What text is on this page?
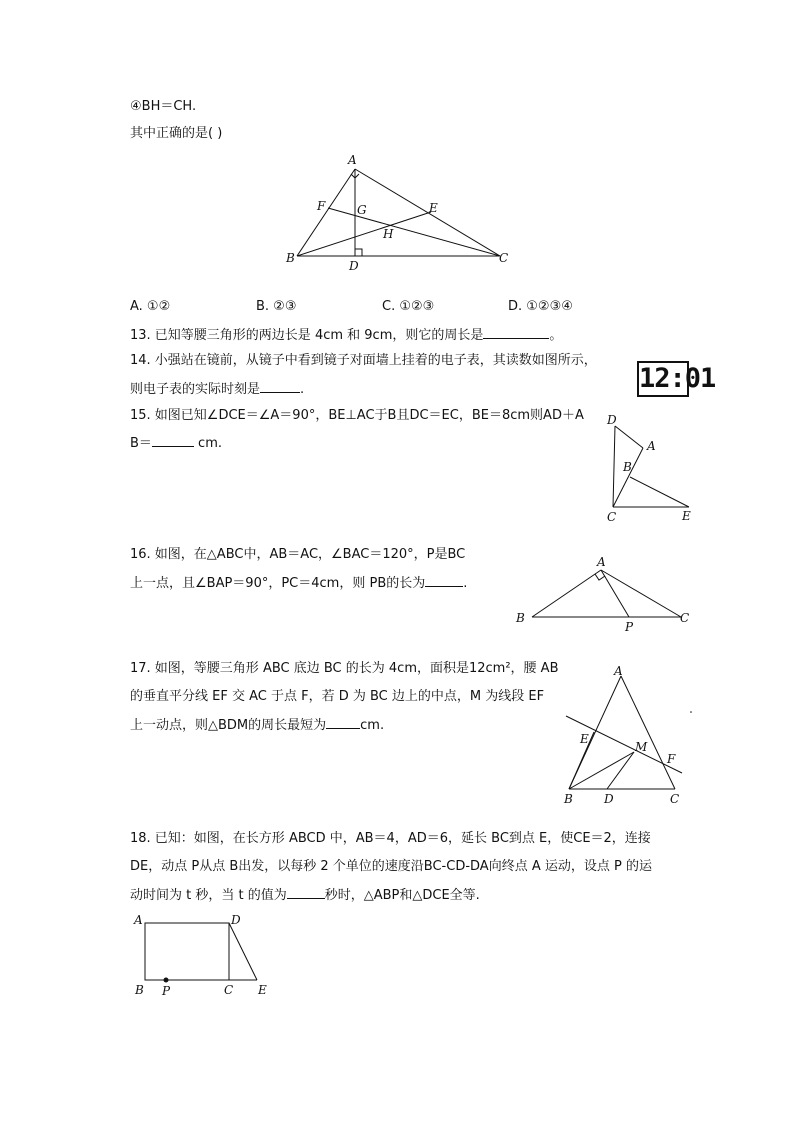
④BH＝CH.
其中正确的是( )
A
F	G	E
H
B
D
C
A. ①②	B. ②③	C. ①②③	D. ①②③④
13. 已知等腰三角形的两边长是 4cm 和 9cm，则它的周长是	。
14. 小强站在镜前，从镜子中看到镜子对面墙上挂着的电子表，其读数如图所示，
则电子表的实际时刻是	.	12:01
15. 如图已知∠DCE＝∠A＝90°，BE⊥AC于B且DC＝EC，BE＝8cm则AD＋A
B＝	cm.
D
A
B
C	E
16. 如图，在△ABC中，AB＝AC，∠BAC＝120°，P是BC
上一点，且∠BAP＝90°，PC＝4cm，则 PB的长为	.
A
B
P
C
17. 如图，等腰三角形 ABC 底边 BC 的长为 4cm，面积是12cm²，腰 AB
的垂直平分线 EF 交 AC 于点 F，若 D 为 BC 边上的中点，M 为线段 EF
上一动点，则△BDM的周长最短为	cm.
A
E
M
F
B	D	C
18. 已知：如图，在长方形 ABCD 中，AB＝4，AD＝6，延长 BC到点 E，使CE＝2，连接
DE，动点 P从点 B出发，以每秒 2 个单位的速度沿BC-CD-DA向终点 A 运动，设点 P 的运
动时间为 t 秒，当 t 的值为	秒时，△ABP和△DCE全等.
A	D
B P	C E
